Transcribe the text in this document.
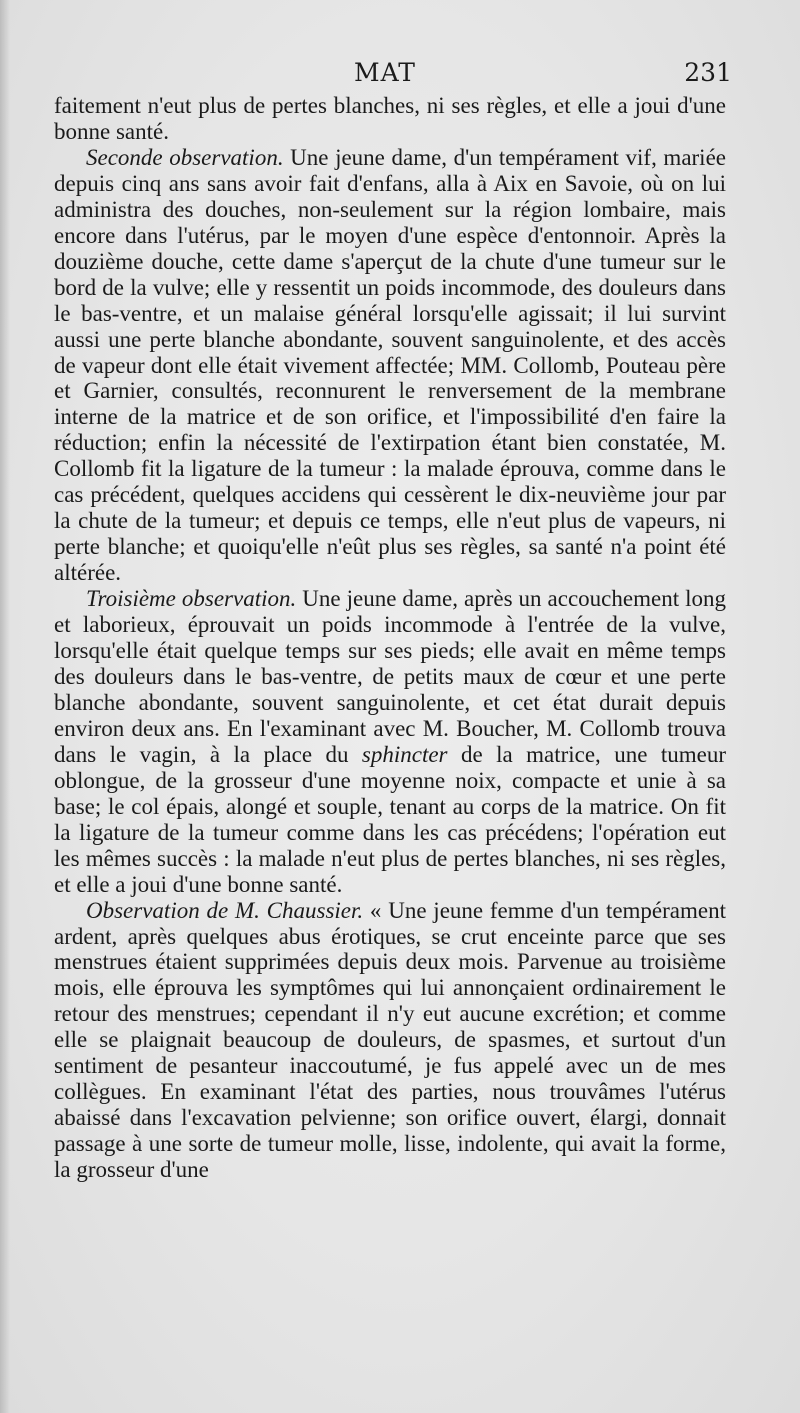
MAT	231

faitement n'eut plus de pertes blanches, ni ses règles, et elle a joui d'une bonne santé.

Seconde observation. Une jeune dame, d'un tempérament vif, mariée depuis cinq ans sans avoir fait d'enfans, alla à Aix en Savoie, où on lui administra des douches, non-seulement sur la région lombaire, mais encore dans l'utérus, par le moyen d'une espèce d'entonnoir. Après la douzième douche, cette dame s'aperçut de la chute d'une tumeur sur le bord de la vulve; elle y ressentit un poids incommode, des douleurs dans le bas-ventre, et un malaise général lorsqu'elle agissait; il lui survint aussi une perte blanche abondante, souvent sanguinolente, et des accès de vapeur dont elle était vivement affectée; MM. Collomb, Pouteau père et Garnier, consultés, reconnurent le renversement de la membrane interne de la matrice et de son orifice, et l'impossibilité d'en faire la réduction; enfin la nécessité de l'extirpation étant bien constatée, M. Collomb fit la ligature de la tumeur : la malade éprouva, comme dans le cas précédent, quelques accidens qui cessèrent le dix-neuvième jour par la chute de la tumeur; et depuis ce temps, elle n'eut plus de vapeurs, ni perte blanche; et quoiqu'elle n'eût plus ses règles, sa santé n'a point été altérée.

Troisième observation. Une jeune dame, après un accouchement long et laborieux, éprouvait un poids incommode à l'entrée de la vulve, lorsqu'elle était quelque temps sur ses pieds; elle avait en même temps des douleurs dans le bas-ventre, de petits maux de cœur et une perte blanche abondante, souvent sanguinolente, et cet état durait depuis environ deux ans. En l'examinant avec M. Boucher, M. Collomb trouva dans le vagin, à la place du sphincter de la matrice, une tumeur oblongue, de la grosseur d'une moyenne noix, compacte et unie à sa base; le col épais, alongé et souple, tenant au corps de la matrice. On fit la ligature de la tumeur comme dans les cas précédens; l'opération eut les mêmes succès : la malade n'eut plus de pertes blanches, ni ses règles, et elle a joui d'une bonne santé.

Observation de M. Chaussier. « Une jeune femme d'un tempérament ardent, après quelques abus érotiques, se crut enceinte parce que ses menstrues étaient supprimées depuis deux mois. Parvenue au troisième mois, elle éprouva les symptômes qui lui annonçaient ordinairement le retour des menstrues; cependant il n'y eut aucune excrétion; et comme elle se plaignait beaucoup de douleurs, de spasmes, et surtout d'un sentiment de pesanteur inaccoutumé, je fus appelé avec un de mes collègues. En examinant l'état des parties, nous trouvâmes l'utérus abaissé dans l'excavation pelvienne; son orifice ouvert, élargi, donnait passage à une sorte de tumeur molle, lisse, indolente, qui avait la forme, la grosseur d'une
